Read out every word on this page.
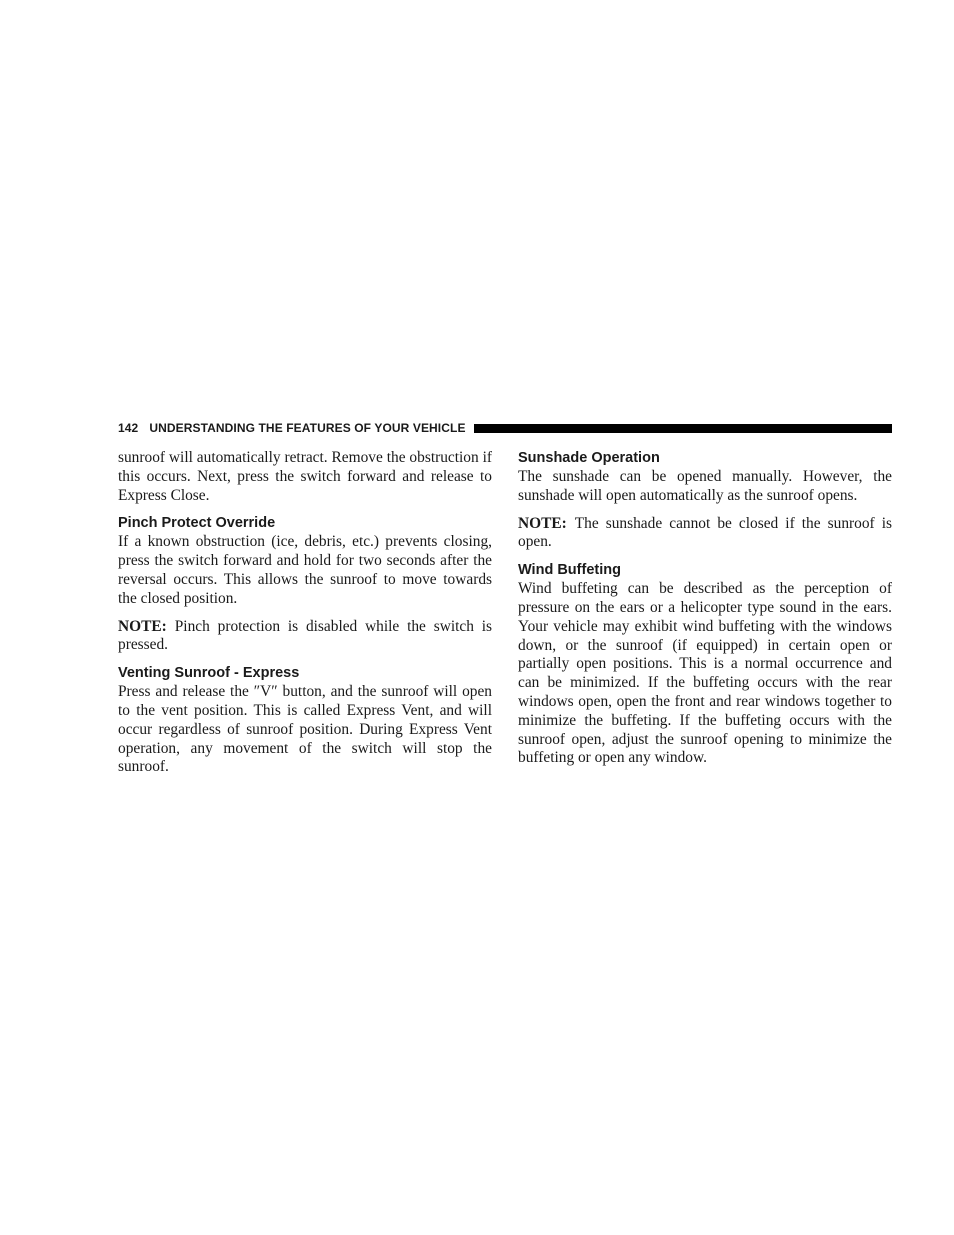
142 UNDERSTANDING THE FEATURES OF YOUR VEHICLE

sunroof will automatically retract. Remove the obstruction if this occurs. Next, press the switch forward and release to Express Close.

Pinch Protect Override

If a known obstruction (ice, debris, etc.) prevents closing, press the switch forward and hold for two seconds after the reversal occurs. This allows the sunroof to move towards the closed position.

NOTE: Pinch protection is disabled while the switch is pressed.

Venting Sunroof - Express

Press and release the ″V″ button, and the sunroof will open to the vent position. This is called Express Vent, and will occur regardless of sunroof position. During Express Vent operation, any movement of the switch will stop the sunroof.

Sunshade Operation

The sunshade can be opened manually. However, the sunshade will open automatically as the sunroof opens.

NOTE: The sunshade cannot be closed if the sunroof is open.

Wind Buffeting

Wind buffeting can be described as the perception of pressure on the ears or a helicopter type sound in the ears. Your vehicle may exhibit wind buffeting with the windows down, or the sunroof (if equipped) in certain open or partially open positions. This is a normal occurrence and can be minimized. If the buffeting occurs with the rear windows open, open the front and rear windows together to minimize the buffeting. If the buffeting occurs with the sunroof open, adjust the sunroof opening to minimize the buffeting or open any window.
